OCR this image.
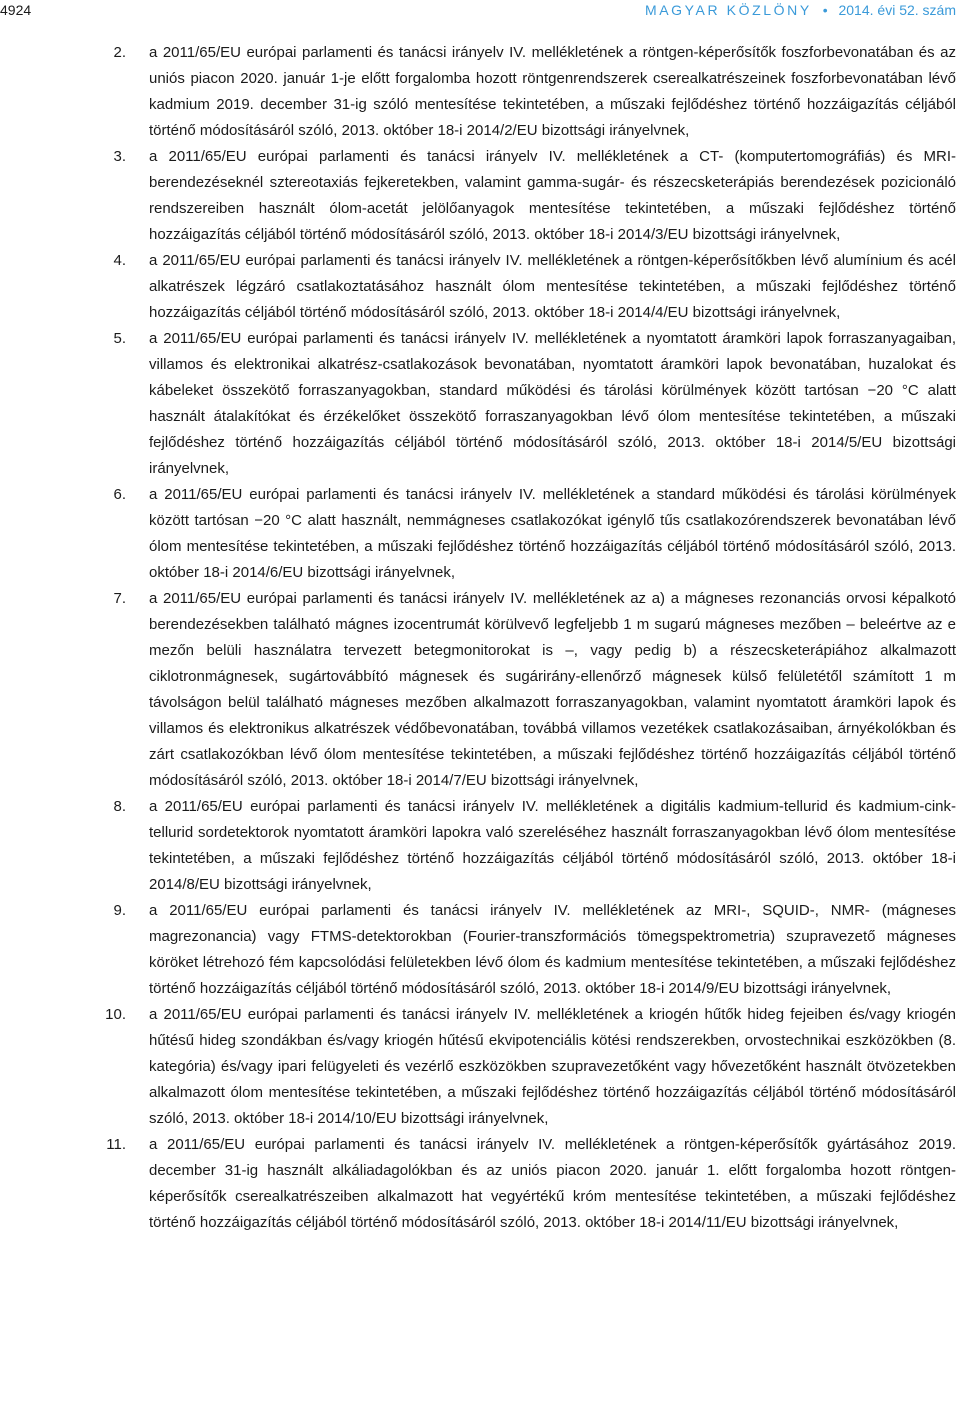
4924	MAGYAR KÖZLÖNY • 2014. évi 52. szám
2. a 2011/65/EU európai parlamenti és tanácsi irányelv IV. mellékletének a röntgen-képerősítők foszforbevonatában és az uniós piacon 2020. január 1-je előtt forgalomba hozott röntgenrendszerek cserealkatrészeinek foszforbevonatában lévő kadmium 2019. december 31-ig szóló mentesítése tekintetében, a műszaki fejlődéshez történő hozzáigazítás céljából történő módosításáról szóló, 2013. október 18-i 2014/2/EU bizottsági irányelvnek,
3. a 2011/65/EU európai parlamenti és tanácsi irányelv IV. mellékletének a CT- (komputertomográfiás) és MRI-berendezéseknél sztereotaxiás fejkeretekben, valamint gamma-sugár- és részecsketerápiás berendezések pozicionáló rendszereiben használt ólom-acetát jelölőanyagok mentesítése tekintetében, a műszaki fejlődéshez történő hozzáigazítás céljából történő módosításáról szóló, 2013. október 18-i 2014/3/EU bizottsági irányelvnek,
4. a 2011/65/EU európai parlamenti és tanácsi irányelv IV. mellékletének a röntgen-képerősítőkben lévő alumínium és acél alkatrészek légzáró csatlakoztatásához használt ólom mentesítése tekintetében, a műszaki fejlődéshez történő hozzáigazítás céljából történő módosításáról szóló, 2013. október 18-i 2014/4/EU bizottsági irányelvnek,
5. a 2011/65/EU európai parlamenti és tanácsi irányelv IV. mellékletének a nyomtatott áramköri lapok forraszanyagaiban, villamos és elektronikai alkatrész-csatlakozások bevonatában, nyomtatott áramköri lapok bevonatában, huzalokat és kábeleket összekötő forraszanyagokban, standard működési és tárolási körülmények között tartósan −20 °C alatt használt átalakítókat és érzékelőket összekötő forraszanyagokban lévő ólom mentesítése tekintetében, a műszaki fejlődéshez történő hozzáigazítás céljából történő módosításáról szóló, 2013. október 18-i 2014/5/EU bizottsági irányelvnek,
6. a 2011/65/EU európai parlamenti és tanácsi irányelv IV. mellékletének a standard működési és tárolási körülmények között tartósan −20 °C alatt használt, nemmágneses csatlakozókat igénylő tűs csatlakozórendszerek bevonatában lévő ólom mentesítése tekintetében, a műszaki fejlődéshez történő hozzáigazítás céljából történő módosításáról szóló, 2013. október 18-i 2014/6/EU bizottsági irányelvnek,
7. a 2011/65/EU európai parlamenti és tanácsi irányelv IV. mellékletének az a) a mágneses rezonanciás orvosi képalkotó berendezésekben található mágnes izocentrumát körülvevő legfeljebb 1 m sugarú mágneses mezőben – beleértve az e mezőn belüli használatra tervezett betegmonitorokat is –, vagy pedig b) a részecsketerápiához alkalmazott ciklotronmágnesek, sugártovábbító mágnesek és sugárirány-ellenőrző mágnesek külső felületétől számított 1 m távolságon belül található mágneses mezőben alkalmazott forraszanyagokban, valamint nyomtatott áramköri lapok és villamos és elektronikus alkatrészek védőbevonatában, továbbá villamos vezetékek csatlakozásaiban, árnyékolókban és zárt csatlakozókban lévő ólom mentesítése tekintetében, a műszaki fejlődéshez történő hozzáigazítás céljából történő módosításáról szóló, 2013. október 18-i 2014/7/EU bizottsági irányelvnek,
8. a 2011/65/EU európai parlamenti és tanácsi irányelv IV. mellékletének a digitális kadmium-tellurid és kadmium-cink-tellurid sordetektorok nyomtatott áramköri lapokra való szereléséhez használt forraszanyagokban lévő ólom mentesítése tekintetében, a műszaki fejlődéshez történő hozzáigazítás céljából történő módosításáról szóló, 2013. október 18-i 2014/8/EU bizottsági irányelvnek,
9. a 2011/65/EU európai parlamenti és tanácsi irányelv IV. mellékletének az MRI-, SQUID-, NMR- (mágneses magrezonancia) vagy FTMS-detektorokban (Fourier-transzformációs tömegspektrometria) szupravezető mágneses köröket létrehozó fém kapcsolódási felületekben lévő ólom és kadmium mentesítése tekintetében, a műszaki fejlődéshez történő hozzáigazítás céljából történő módosításáról szóló, 2013. október 18-i 2014/9/EU bizottsági irányelvnek,
10. a 2011/65/EU európai parlamenti és tanácsi irányelv IV. mellékletének a kriogén hűtők hideg fejeiben és/vagy kriogén hűtésű hideg szondákban és/vagy kriogén hűtésű ekvipotenciális kötési rendszerekben, orvostechnikai eszközökben (8. kategória) és/vagy ipari felügyeleti és vezérlő eszközökben szupravezetőként vagy hővezetőként használt ötvözetekben alkalmazott ólom mentesítése tekintetében, a műszaki fejlődéshez történő hozzáigazítás céljából történő módosításáról szóló, 2013. október 18-i 2014/10/EU bizottsági irányelvnek,
11. a 2011/65/EU európai parlamenti és tanácsi irányelv IV. mellékletének a röntgen-képerősítők gyártásához 2019. december 31-ig használt alkáliadagolókban és az uniós piacon 2020. január 1. előtt forgalomba hozott röntgen-képerősítők cserealkatrészeiben alkalmazott hat vegyértékű króm mentesítése tekintetében, a műszaki fejlődéshez történő hozzáigazítás céljából történő módosításáról szóló, 2013. október 18-i 2014/11/EU bizottsági irányelvnek,
